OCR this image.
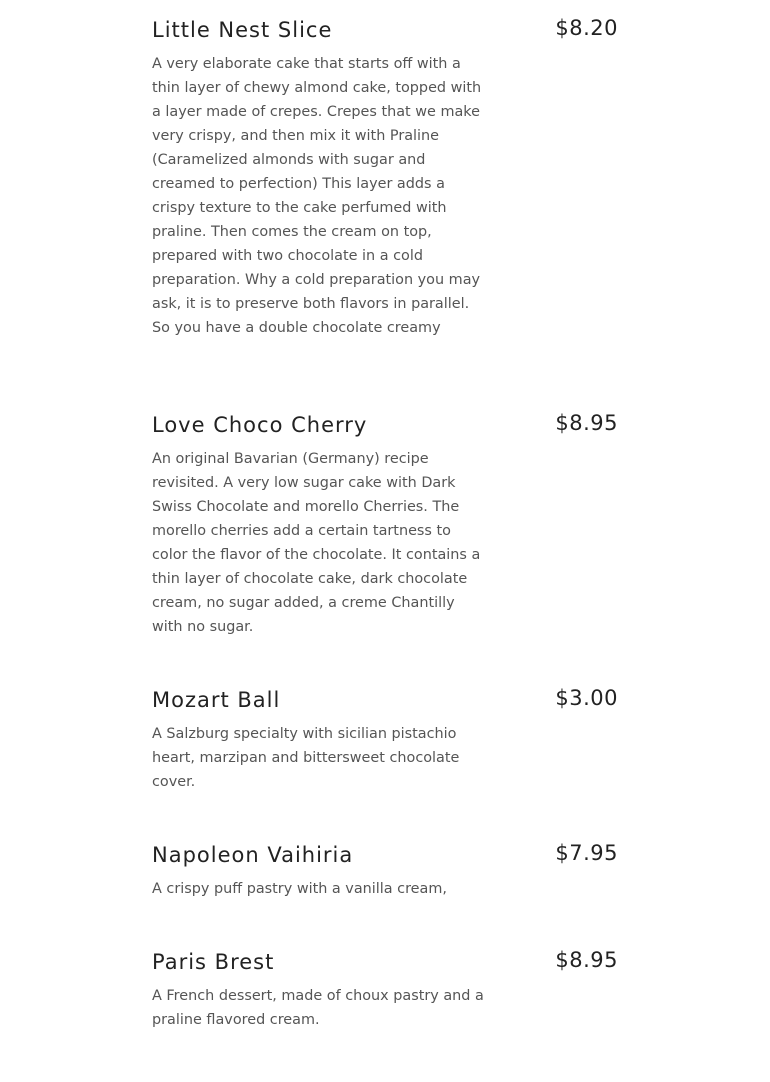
Little Nest Slice	$8.20

A very elaborate cake that starts off with a thin layer of chewy almond cake, topped with a layer made of crepes. Crepes that we make very crispy, and then mix it with Praline (Caramelized almonds with sugar and creamed to perfection) This layer adds a crispy texture to the cake perfumed with praline. Then comes the cream on top, prepared with two chocolate in a cold preparation. Why a cold preparation you may ask, it is to preserve both flavors in parallel. So you have a double chocolate creamy

Love Choco Cherry	$8.95

An original Bavarian (Germany) recipe revisited. A very low sugar cake with Dark Swiss Chocolate and morello Cherries. The morello cherries add a certain tartness to color the flavor of the chocolate. It contains a thin layer of chocolate cake, dark chocolate cream, no sugar added, a creme Chantilly with no sugar.

Mozart Ball	$3.00

A Salzburg specialty with sicilian pistachio heart, marzipan and bittersweet chocolate cover.

Napoleon Vaihiria	$7.95

A crispy puff pastry with a vanilla cream,

Paris Brest	$8.95

A French dessert, made of choux pastry and a praline flavored cream.
